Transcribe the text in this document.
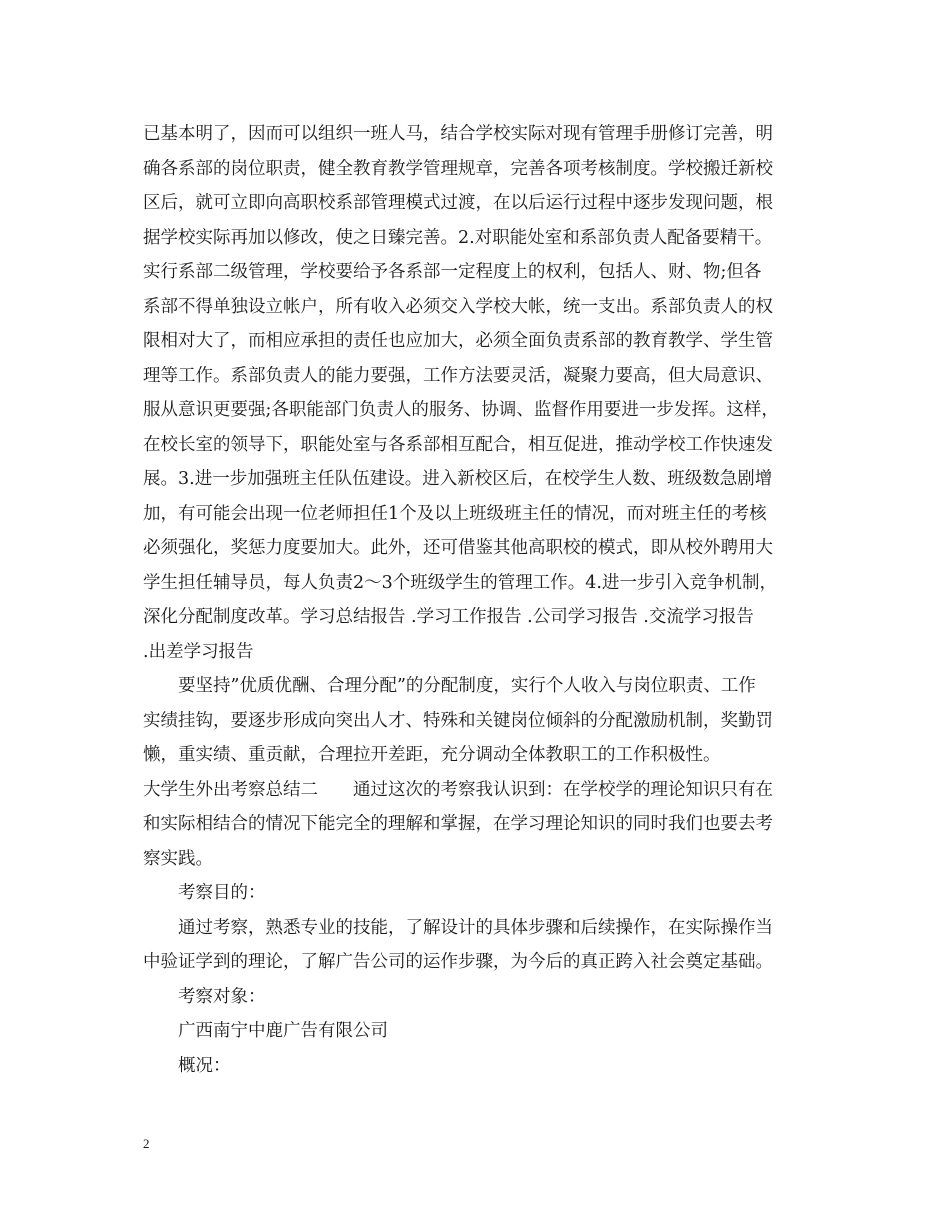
已基本明了，因而可以组织一班人马，结合学校实际对现有管理手册修订完善，明
确各系部的岗位职责，健全教育教学管理规章，完善各项考核制度。学校搬迁新校
区后，就可立即向高职校系部管理模式过渡，在以后运行过程中逐步发现问题，根
据学校实际再加以修改，使之日臻完善。2.对职能处室和系部负责人配备要精干。
实行系部二级管理，学校要给予各系部一定程度上的权利，包括人、财、物;但各
系部不得单独设立帐户，所有收入必须交入学校大帐，统一支出。系部负责人的权
限相对大了，而相应承担的责任也应加大，必须全面负责系部的教育教学、学生管
理等工作。系部负责人的能力要强，工作方法要灵活，凝聚力要高，但大局意识、
服从意识更要强;各职能部门负责人的服务、协调、监督作用要进一步发挥。这样，
在校长室的领导下，职能处室与各系部相互配合，相互促进，推动学校工作快速发
展。3.进一步加强班主任队伍建设。进入新校区后，在校学生人数、班级数急剧增
加，有可能会出现一位老师担任1个及以上班级班主任的情况，而对班主任的考核
必须强化，奖惩力度要加大。此外，还可借鉴其他高职校的模式，即从校外聘用大
学生担任辅导员，每人负责2～3个班级学生的管理工作。4.进一步引入竞争机制，
深化分配制度改革。学习总结报告 .学习工作报告 .公司学习报告 .交流学习报告
.出差学习报告
　　要坚持”优质优酬、合理分配”的分配制度，实行个人收入与岗位职责、工作
实绩挂钩，要逐步形成向突出人才、特殊和关键岗位倾斜的分配激励机制，奖勤罚
懒，重实绩、重贡献，合理拉开差距，充分调动全体教职工的工作积极性。
大学生外出考察总结二　　通过这次的考察我认识到：在学校学的理论知识只有在
和实际相结合的情况下能完全的理解和掌握，在学习理论知识的同时我们也要去考
察实践。
　　考察目的：
　　通过考察，熟悉专业的技能，了解设计的具体步骤和后续操作，在实际操作当
中验证学到的理论，了解广告公司的运作步骤，为今后的真正跨入社会奠定基础。
　　考察对象：
　　广西南宁中鹿广告有限公司
　　概况：
2
